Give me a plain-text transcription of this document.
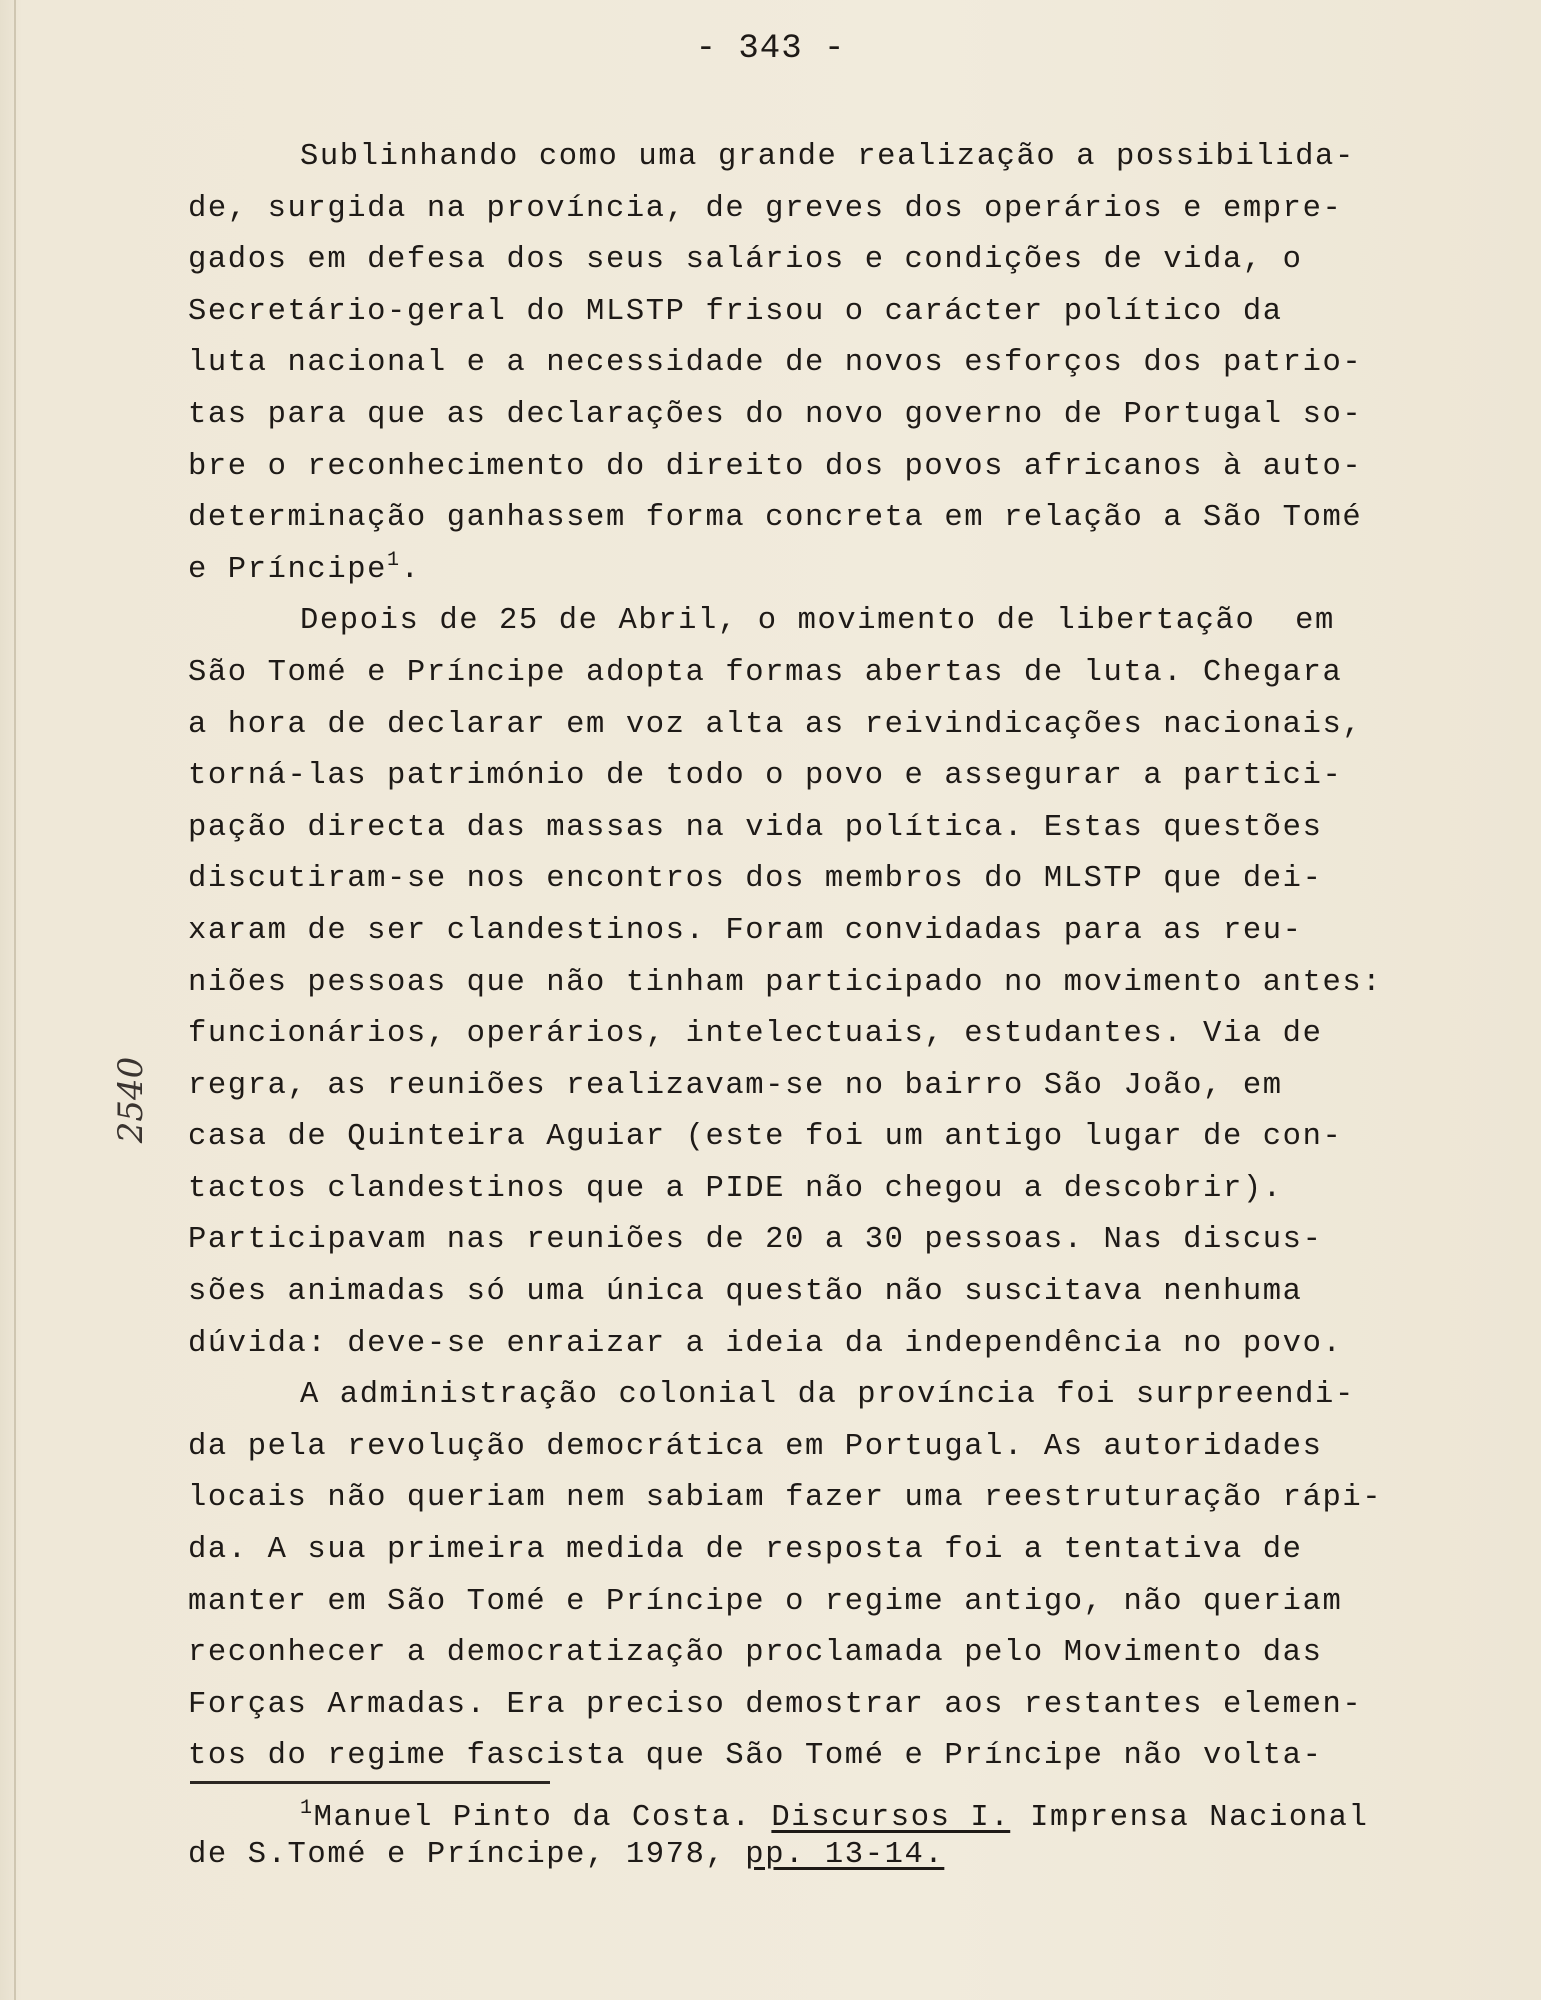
- 343 -
Sublinhando como uma grande realização a possibilida-
de, surgida na província, de greves dos operários e empre-
gados em defesa dos seus salários e condições de vida, o
Secretário-geral do MLSTP frisou o carácter político da
luta nacional e a necessidade de novos esforços dos patrio-
tas para que as declarações do novo governo de Portugal so-
bre o reconhecimento do direito dos povos africanos à auto-
determinação ganhassem forma concreta em relação a São Tomé
e Príncipe$^1$.
Depois de 25 de Abril, o movimento de libertação  em
São Tomé e Príncipe adopta formas abertas de luta. Chegara
a hora de declarar em voz alta as reivindicações nacionais,
torná-las património de todo o povo e assegurar a partici-
pação directa das massas na vida política. Estas questões
discutiram-se nos encontros dos membros do MLSTP que dei-
xaram de ser clandestinos. Foram convidadas para as reu-
niões pessoas que não tinham participado no movimento antes:
funcionários, operários, intelectuais, estudantes. Via de
regra, as reuniões realizavam-se no bairro São João, em
casa de Quinteira Aguiar (este foi um antigo lugar de con-
tactos clandestinos que a PIDE não chegou a descobrir).
Participavam nas reuniões de 20 a 30 pessoas. Nas discus-
sões animadas só uma única questão não suscitava nenhuma
dúvida: deve-se enraizar a ideia da independência no povo.
A administração colonial da província foi surpreendi-
da pela revolução democrática em Portugal. As autoridades
locais não queriam nem sabiam fazer uma reestruturação rápi-
da. A sua primeira medida de resposta foi a tentativa de
manter em São Tomé e Príncipe o regime antigo, não queriam
reconhecer a democratização proclamada pelo Movimento das
Forças Armadas. Era preciso demostrar aos restantes elemen-
tos do regime fascista que São Tomé e Príncipe não volta-
$^1$Manuel Pinto da Costa. Discursos I. Imprensa Nacional
de S.Tomé e Príncipe, 1978, pp. 13-14.
2540
